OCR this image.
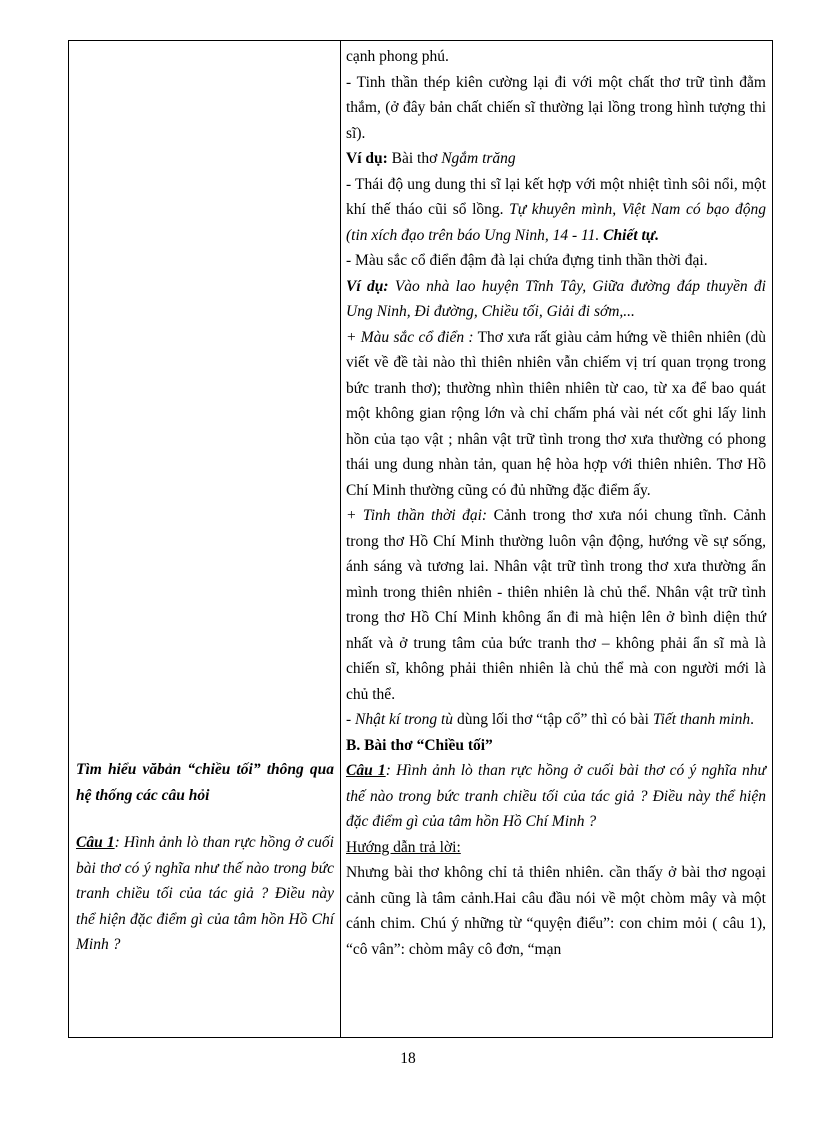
Tìm hiểu văbản “chiều tối” thông qua hệ thống các câu hỏi

Câu 1: Hình ảnh lò than rực hồng ở cuối bài thơ có ý nghĩa như thế nào trong bức tranh chiều tối của tác giả ? Điều này thể hiện đặc điểm gì của tâm hồn Hồ Chí Minh ?

cạnh phong phú.

- Tinh thần thép kiên cường lại đi với một chất thơ trữ tình đằm thắm, (ở đây bản chất chiến sĩ thường lại lồng trong hình tượng thi sĩ).

Ví dụ: Bài thơ Ngắm trăng

- Thái độ ung dung thi sĩ lại kết hợp với một nhiệt tình sôi nổi, một khí thế tháo cũi sổ lồng. Tự khuyên mình, Việt Nam có bạo động (tin xích đạo trên báo Ung Ninh, 14 - 11. Chiết tự.

- Màu sắc cổ điển đậm đà lại chứa đựng tinh thần thời đại.

Ví dụ: Vào nhà lao huyện Tĩnh Tây, Giữa đường đáp thuyền đi Ung Ninh, Đi đường, Chiều tối, Giải đi sớm,...

+ Màu sắc cổ điển : Thơ xưa rất giàu cảm hứng về thiên nhiên (dù viết về đề tài nào thì thiên nhiên vẫn chiếm vị trí quan trọng trong bức tranh thơ); thường nhìn thiên nhiên từ cao, từ xa để bao quát một không gian rộng lớn và chỉ chấm phá vài nét cốt ghi lấy linh hồn của tạo vật ; nhân vật trữ tình trong thơ xưa thường có phong thái ung dung nhàn tản, quan hệ hòa hợp với thiên nhiên. Thơ Hồ Chí Minh thường cũng có đủ những đặc điểm ấy.

+ Tinh thần thời đại: Cảnh trong thơ xưa nói chung tĩnh. Cảnh trong thơ Hồ Chí Minh thường luôn vận động, hướng về sự sống, ánh sáng và tương lai. Nhân vật trữ tình trong thơ xưa thường ẩn mình trong thiên nhiên - thiên nhiên là chủ thể. Nhân vật trữ tình trong thơ Hồ Chí Minh không ẩn đi mà hiện lên ở bình diện thứ nhất và ở trung tâm của bức tranh thơ – không phải ẩn sĩ mà là chiến sĩ, không phải thiên nhiên là chủ thể mà con người mới là chủ thể.

- Nhật kí trong tù dùng lối thơ “tập cổ” thì có bài Tiết thanh minh.

B. Bài thơ “Chiều tối”

Câu 1: Hình ảnh lò than rực hồng ở cuối bài thơ có ý nghĩa như thế nào trong bức tranh chiều tối của tác giả ? Điều này thể hiện đặc điểm gì của tâm hồn Hồ Chí Minh ?

Hướng dẫn trả lời:

Nhưng bài thơ không chỉ tả thiên nhiên. cần thấy ở bài thơ ngoại cảnh cũng là tâm cảnh.Hai câu đầu nói về một chòm mây và một cánh chim. Chú ý những từ “quyện điểu”: con chim mỏi ( câu 1), “cô vân”: chòm mây cô đơn, “mạn

18
